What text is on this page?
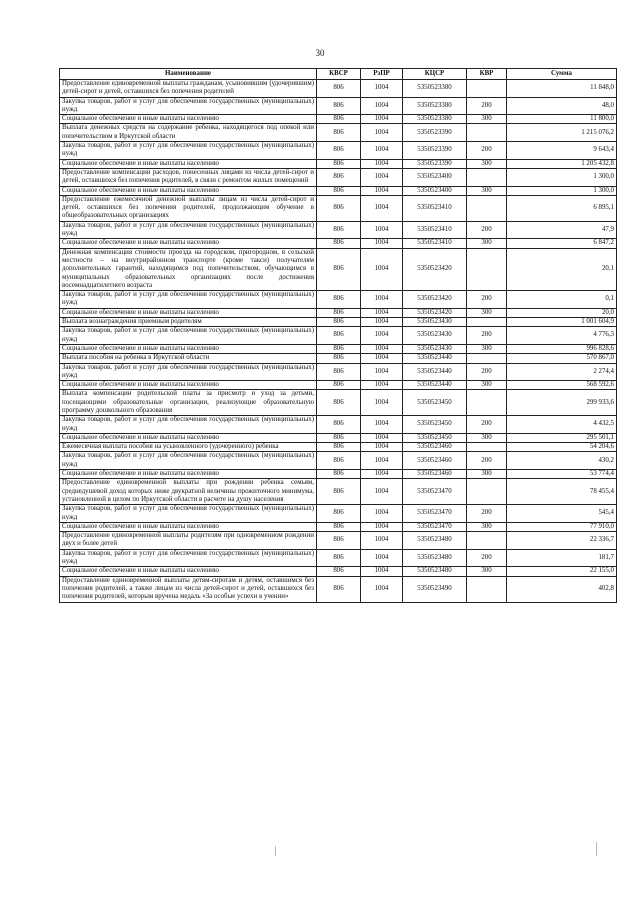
30
Наименование	КВСР	РзПР	КЦСР	КВР	Сумма
Предоставление единовременной выплаты гражданам, усыновившим (удочерившим) детей-сирот и детей, оставшихся без попечения родителей	806	1004	5350523380		11 848,0
Закупка товаров, работ и услуг для обеспечения государственных (муниципальных) нужд	806	1004	5350523380	200	48,0
Социальное обеспечение и иные выплаты населению	806	1004	5350523380	300	11 800,0
Выплата денежных средств на содержание ребенка, находящегося под опекой или попечительством в Иркутской области	806	1004	5350523390		1 215 076,2
Закупка товаров, работ и услуг для обеспечения государственных (муниципальных) нужд	806	1004	5350523390	200	9 643,4
Социальное обеспечение и иные выплаты населению	806	1004	5350523390	300	1 205 432,8
Предоставление компенсации расходов, понесенных лицами из числа детей-сирот и детей, оставшихся без попечения родителей, в связи с ремонтом жилых помещений	806	1004	5350523400		1 300,0
Социальное обеспечение и иные выплаты населению	806	1004	5350523400	300	1 300,0
Предоставление ежемесячной денежной выплаты лицам из числа детей-сирот и детей, оставшихся без попечения родителей, продолжающим обучение в общеобразовательных организациях	806	1004	5350523410		6 895,1
Закупка товаров, работ и услуг для обеспечения государственных (муниципальных) нужд	806	1004	5350523410	200	47,9
Социальное обеспечение и иные выплаты населению	806	1004	5350523410	300	6 847,2
Денежная компенсация стоимости проезда на городском, пригородном, в сельской местности – на внутрирайонном транспорте (кроме такси) получателям дополнительных гарантий, находящимся под попечительством, обучающимся в муниципальных образовательных организациях после достижения восемнадцатилетнего возраста	806	1004	5350523420		20,1
Закупка товаров, работ и услуг для обеспечения государственных (муниципальных) нужд	806	1004	5350523420	200	0,1
Социальное обеспечение и иные выплаты населению	806	1004	5350523420	300	20,0
Выплата вознаграждения приемным родителям	806	1004	5350523430		1 001 604,9
Закупка товаров, работ и услуг для обеспечения государственных (муниципальных) нужд	806	1004	5350523430	200	4 776,3
Социальное обеспечение и иные выплаты населению	806	1004	5350523430	300	996 828,6
Выплата пособия на ребенка в Иркутской области	806	1004	5350523440		570 867,0
Закупка товаров, работ и услуг для обеспечения государственных (муниципальных) нужд	806	1004	5350523440	200	2 274,4
Социальное обеспечение и иные выплаты населению	806	1004	5350523440	300	568 592,6
Выплата компенсации родительской платы за присмотр и уход за детьми, посещающими образовательные организации, реализующие образовательную программу дошкольного образования	806	1004	5350523450		299 933,6
Закупка товаров, работ и услуг для обеспечения государственных (муниципальных) нужд	806	1004	5350523450	200	4 432,5
Социальное обеспечение и иные выплаты населению	806	1004	5350523450	300	295 501,1
Ежемесячная выплата пособия на усыновленного (удочеренного) ребенка	806	1004	5350523460		54 204,6
Закупка товаров, работ и услуг для обеспечения государственных (муниципальных) нужд	806	1004	5350523460	200	430,2
Социальное обеспечение и иные выплаты населению	806	1004	5350523460	300	53 774,4
Предоставление единовременной выплаты при рождении ребенка семьям, среднедушевой доход которых ниже двукратной величины прожиточного минимума, установленной в целом по Иркутской области в расчете на душу населения	806	1004	5350523470		78 455,4
Закупка товаров, работ и услуг для обеспечения государственных (муниципальных) нужд	806	1004	5350523470	200	545,4
Социальное обеспечение и иные выплаты населению	806	1004	5350523470	300	77 910,0
Предоставление единовременной выплаты родителям при одновременном рождении двух и более детей	806	1004	5350523480		22 336,7
Закупка товаров, работ и услуг для обеспечения государственных (муниципальных) нужд	806	1004	5350523480	200	181,7
Социальное обеспечение и иные выплаты населению	806	1004	5350523480	300	22 155,0
Предоставление единовременной выплаты детям-сиротам и детям, оставшимся без попечения родителей, а также лицам из числа детей-сирот и детей, оставшихся без попечения родителей, которым вручена медаль «За особые успехи в учении»	806	1004	5350523490		402,8
